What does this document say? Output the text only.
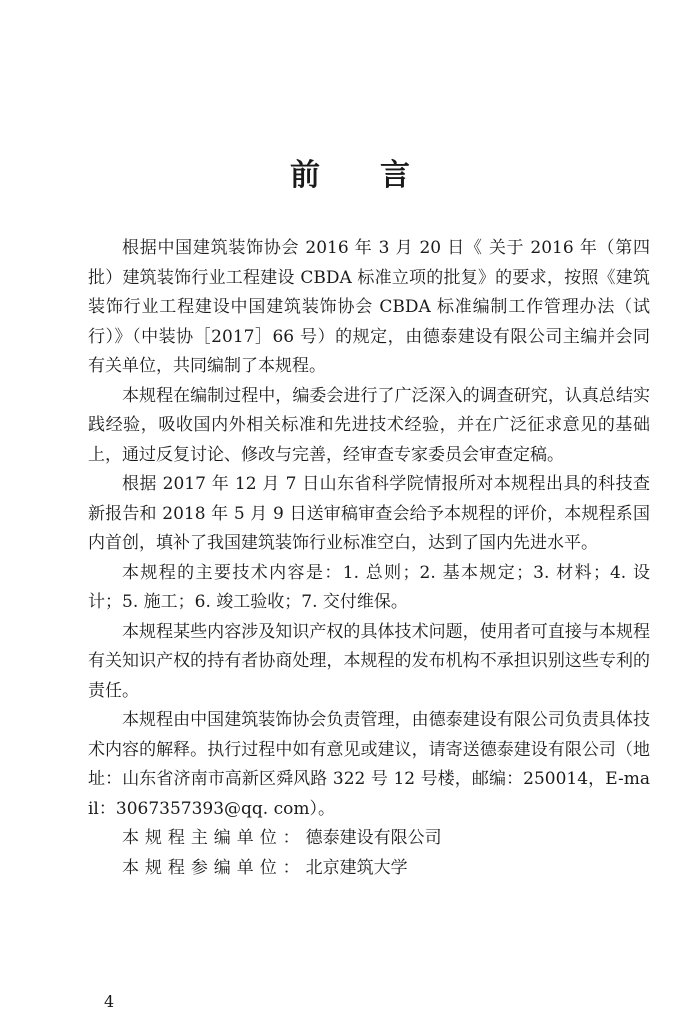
前 言

根据中国建筑装饰协会 2016 年 3 月 20 日《 关于 2016 年（第四批）建筑装饰行业工程建设 CBDA 标准立项的批复》的要求，按照《建筑装饰行业工程建设中国建筑装饰协会 CBDA 标准编制工作管理办法（试行）》（中装协［2017］66 号）的规定，由德泰建设有限公司主编并会同有关单位，共同编制了本规程。

本规程在编制过程中，编委会进行了广泛深入的调查研究，认真总结实践经验，吸收国内外相关标准和先进技术经验，并在广泛征求意见的基础上，通过反复讨论、修改与完善，经审查专家委员会审查定稿。

根据 2017 年 12 月 7 日山东省科学院情报所对本规程出具的科技查新报告和 2018 年 5 月 9 日送审稿审查会给予本规程的评价，本规程系国内首创，填补了我国建筑装饰行业标准空白，达到了国内先进水平。

本规程的主要技术内容是：1. 总则；2. 基本规定；3. 材料；4. 设计；5. 施工；6. 竣工验收；7. 交付维保。

本规程某些内容涉及知识产权的具体技术问题，使用者可直接与本规程有关知识产权的持有者协商处理，本规程的发布机构不承担识别这些专利的责任。

本规程由中国建筑装饰协会负责管理，由德泰建设有限公司负责具体技术内容的解释。执行过程中如有意见或建议，请寄送德泰建设有限公司（地址：山东省济南市高新区舜风路 322 号 12 号楼，邮编：250014，E-mail：3067357393@qq. com）。

本规程主编单位：德泰建设有限公司

本规程参编单位：北京建筑大学

4
